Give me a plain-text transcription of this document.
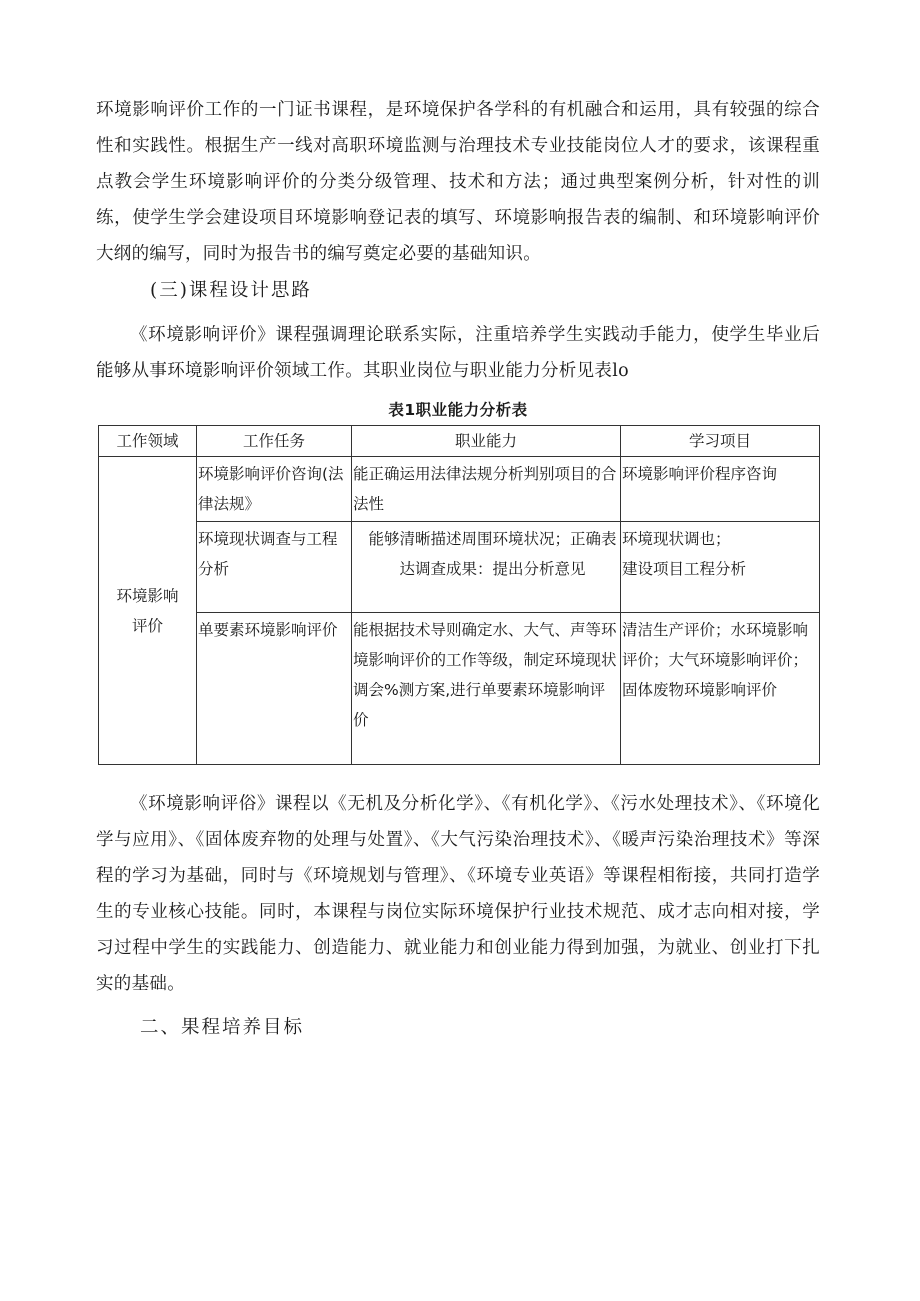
环境影响评价工作的一门证书课程，是环境保护各学科的有机融合和运用，具有较强的综合性和实践性。根据生产一线对高职环境监测与治理技术专业技能岗位人才的要求，该课程重点教会学生环境影响评价的分类分级管理、技术和方法；通过典型案例分析，针对性的训练，使学生学会建设项目环境影响登记表的填写、环境影响报告表的编制、和环境影响评价大纲的编写，同时为报告书的编写奠定必要的基础知识。

(三)课程设计思路

《环境影响评价》课程强调理论联系实际，注重培养学生实践动手能力，使学生毕业后能够从事环境影响评价领域工作。其职业岗位与职业能力分析见表lo

表1职业能力分析表
工作领域	工作任务	职业能力	学习项目
环境影响评价	环境影响评价咨询(法律法规》	能正确运用法律法规分析判别项目的合法性	环境影响评价程序咨询
	环境现状调查与工程分析	能够清晰描述周围环境状况；正确表达调查成果：提出分析意见	环境现状调也；
建设项目工程分析

	单要素环境影响评价	能根据技术导则确定水、大气、声等环境影响评价的工作等级，制定环境现状调会%测方案,进行单要素环境影响评价	清洁生产评价；水环境影响评价；大气环境影响评价；固体废物环境影响评价

《环境影响评俗》课程以《无机及分析化学》、《有机化学》、《污水处理技术》、《环境化学与应用》、《固体废弃物的处理与处置》、《大气污染治理技术》、《暖声污染治理技术》等深程的学习为基础，同时与《环境规划与管理》、《环境专业英语》等课程相衔接，共同打造学生的专业核心技能。同时，本课程与岗位实际环境保护行业技术规范、成才志向相对接，学习过程中学生的实践能力、创造能力、就业能力和创业能力得到加强，为就业、创业打下扎实的基础。

二、果程培养目标
